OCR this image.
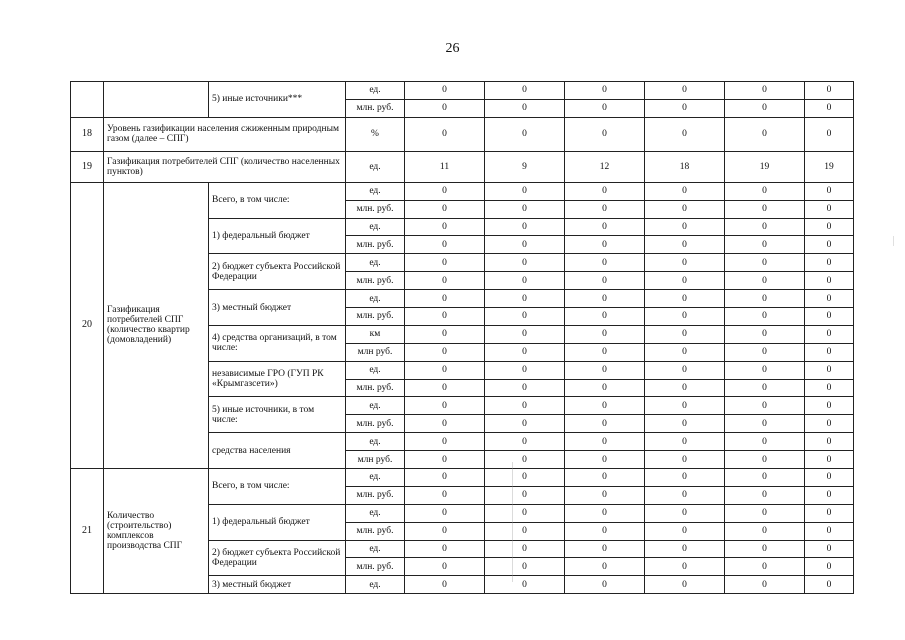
26
		5) иные источники***	ед.	0	0	0	0	0	0
			млн. руб.	0	0	0	0	0	0
18	Уровень газификации населения сжиженным природным газом (далее – СПГ)		%	0	0	0	0	0	0
19	Газификация потребителей СПГ (количество населенных пунктов)		ед.	11	9	12	18	19	19
20	Газификация потребителей СПГ (количество квартир (домовладений)	Всего, в том числе:	ед.	0	0	0	0	0	0
			млн. руб.	0	0	0	0	0	0
		1) федеральный бюджет	ед.	0	0	0	0	0	0
			млн. руб.	0	0	0	0	0	0
		2) бюджет субъекта Российской Федерации	ед.	0	0	0	0	0	0
			млн. руб.	0	0	0	0	0	0
		3) местный бюджет	ед.	0	0	0	0	0	0
			млн. руб.	0	0	0	0	0	0
		4) средства организаций, в том числе:	км	0	0	0	0	0	0
			млн руб.	0	0	0	0	0	0
		независимые ГРО (ГУП РК «Крымгазсети»)	ед.	0	0	0	0	0	0
			млн. руб.	0	0	0	0	0	0
		5) иные источники, в том числе:	ед.	0	0	0	0	0	0
			млн. руб.	0	0	0	0	0	0
		средства населения	ед.	0	0	0	0	0	0
			млн руб.	0	0	0	0	0	0
21	Количество (строительство) комплексов производства СПГ	Всего, в том числе:	ед.	0	0	0	0	0	0
			млн. руб.	0	0	0	0	0	0
		1) федеральный бюджет	ед.	0	0	0	0	0	0
			млн. руб.	0	0	0	0	0	0
		2) бюджет субъекта Российской Федерации	ед.	0	0	0	0	0	0
			млн. руб.	0	0	0	0	0	0
		3) местный бюджет	ед.	0	0	0	0	0	0
